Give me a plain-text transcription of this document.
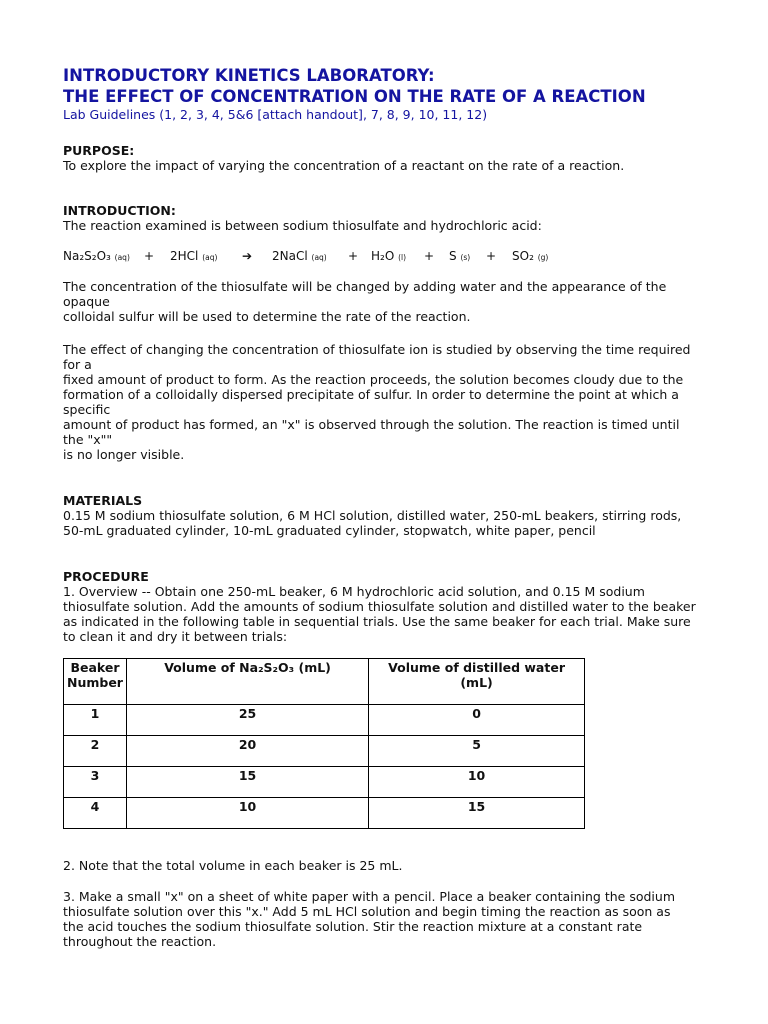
INTRODUCTORY KINETICS LABORATORY:

THE EFFECT OF CONCENTRATION ON THE RATE OF A REACTION

Lab Guidelines (1, 2, 3, 4, 5&6 [attach handout], 7, 8, 9, 10, 11, 12)

PURPOSE:

To explore the impact of varying the concentration of a reactant on the rate of a reaction.

INTRODUCTION:

The reaction examined is between sodium thiosulfate and hydrochloric acid:

Na₂S₂O₃ (aq) + 2HCl (aq) ➔ 2NaCl (aq) + H₂O (l) + S (s) + SO₂ (g)

The concentration of the thiosulfate will be changed by adding water and the appearance of the

opaque

colloidal sulfur will be used to determine the rate of the reaction.

The effect of changing the concentration of thiosulfate ion is studied by observing the time required

for a

fixed amount of product to form. As the reaction proceeds, the solution becomes cloudy due to the

formation of a colloidally dispersed precipitate of sulfur. In order to determine the point at which a

specific

amount of product has formed, an "x" is observed through the solution. The reaction is timed until

the "x""

is no longer visible.

MATERIALS

0.15 M sodium thiosulfate solution, 6 M HCl solution, distilled water, 250-mL beakers, stirring rods,

50-mL graduated cylinder, 10-mL graduated cylinder, stopwatch, white paper, pencil

PROCEDURE

1. Overview -- Obtain one 250-mL beaker, 6 M hydrochloric acid solution, and 0.15 M sodium

thiosulfate solution. Add the amounts of sodium thiosulfate solution and distilled water to the beaker

as indicated in the following table in sequential trials. Use the same beaker for each trial. Make sure

to clean it and dry it between trials:

Beaker Number	Volume of Na₂S₂O₃ (mL)	Volume of distilled water (mL)

1	25	0
2	20	5
3	15	10
4	10	15

2. Note that the total volume in each beaker is 25 mL.

3. Make a small "x" on a sheet of white paper with a pencil. Place a beaker containing the sodium

thiosulfate solution over this "x." Add 5 mL HCl solution and begin timing the reaction as soon as

the acid touches the sodium thiosulfate solution. Stir the reaction mixture at a constant rate

throughout the reaction.
